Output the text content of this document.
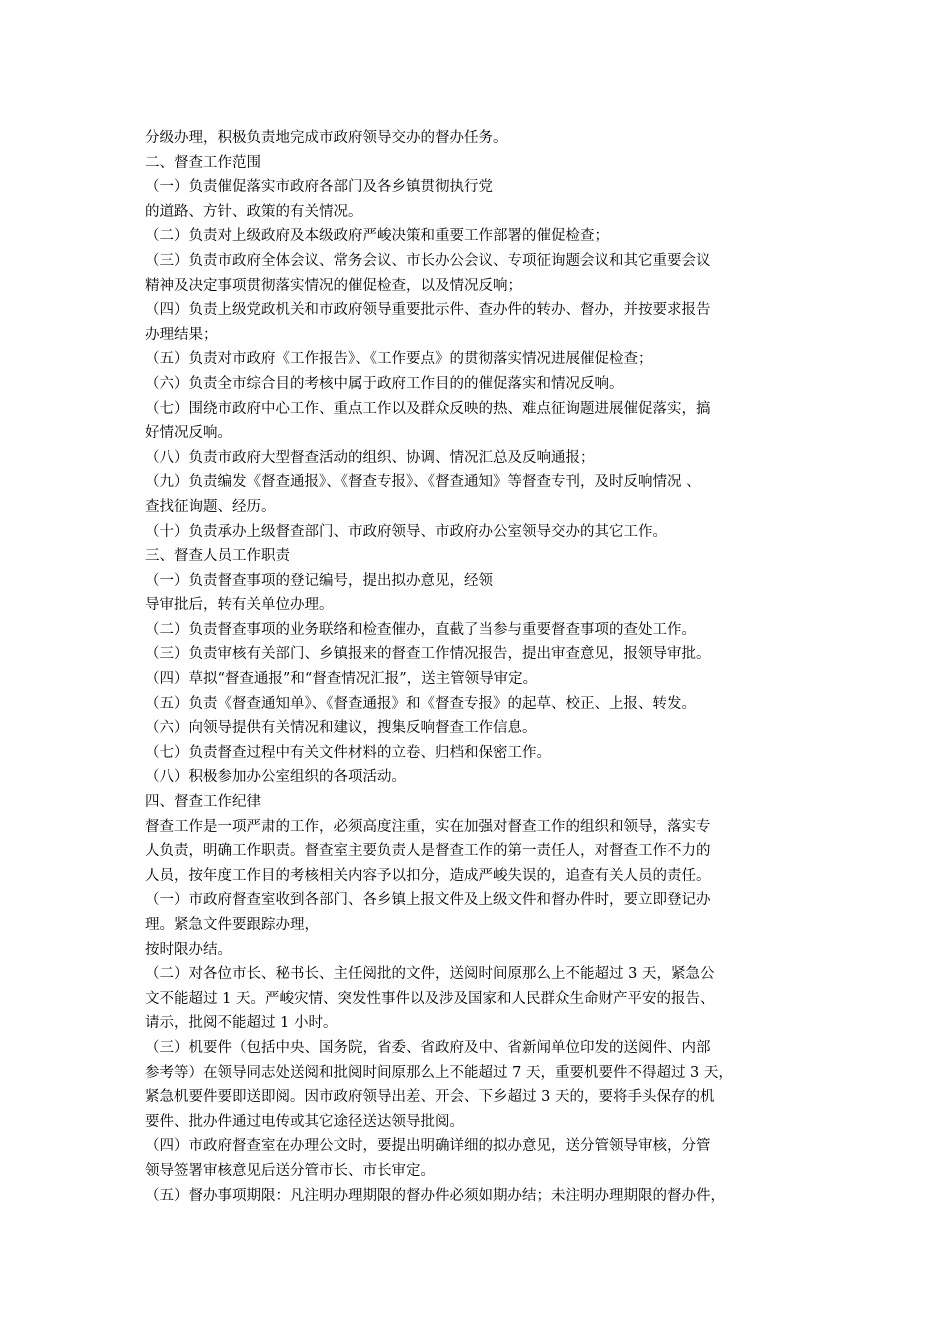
分级办理，积极负责地完成市政府领导交办的督办任务。
二、督查工作范围
（一）负责催促落实市政府各部门及各乡镇贯彻执行党
的道路、方针、政策的有关情况。
（二）负责对上级政府及本级政府严峻决策和重要工作部署的催促检查；
（三）负责市政府全体会议、常务会议、市长办公会议、专项征询题会议和其它重要会议
精神及决定事项贯彻落实情况的催促检查，以及情况反响；
（四）负责上级党政机关和市政府领导重要批示件、查办件的转办、督办，并按要求报告
办理结果；
（五）负责对市政府《工作报告》、《工作要点》的贯彻落实情况进展催促检查；
（六）负责全市综合目的考核中属于政府工作目的的催促落实和情况反响。
（七）围绕市政府中心工作、重点工作以及群众反映的热、难点征询题进展催促落实，搞
好情况反响。
（八）负责市政府大型督查活动的组织、协调、情况汇总及反响通报；
（九）负责编发《督查通报》、《督查专报》、《督查通知》等督查专刊，及时反响情况 、
查找征询题、经历。
（十）负责承办上级督查部门、市政府领导、市政府办公室领导交办的其它工作。
三、督查人员工作职责
（一）负责督查事项的登记编号，提出拟办意见，经领
导审批后，转有关单位办理。
（二）负责督查事项的业务联络和检查催办，直截了当参与重要督查事项的查处工作。
（三）负责审核有关部门、乡镇报来的督查工作情况报告，提出审查意见，报领导审批。
（四）草拟“督查通报”和“督查情况汇报”，送主管领导审定。
（五）负责《督查通知单》、《督查通报》和《督查专报》的起草、校正、上报、转发。
（六）向领导提供有关情况和建议，搜集反响督查工作信息。
（七）负责督查过程中有关文件材料的立卷、归档和保密工作。
（八）积极参加办公室组织的各项活动。
四、督查工作纪律
督查工作是一项严肃的工作，必须高度注重，实在加强对督查工作的组织和领导，落实专
人负责，明确工作职责。督查室主要负责人是督查工作的第一责任人，对督查工作不力的
人员，按年度工作目的考核相关内容予以扣分，造成严峻失误的，追查有关人员的责任。
（一）市政府督查室收到各部门、各乡镇上报文件及上级文件和督办件时，要立即登记办
理。紧急文件要跟踪办理，
按时限办结。
（二）对各位市长、秘书长、主任阅批的文件，送阅时间原那么上不能超过 3 天，紧急公
文不能超过 1 天。严峻灾情、突发性事件以及涉及国家和人民群众生命财产平安的报告、
请示，批阅不能超过 1 小时。
（三）机要件（包括中央、国务院，省委、省政府及中、省新闻单位印发的送阅件、内部
参考等）在领导同志处送阅和批阅时间原那么上不能超过 7 天，重要机要件不得超过 3 天，
紧急机要件要即送即阅。因市政府领导出差、开会、下乡超过 3 天的，要将手头保存的机
要件、批办件通过电传或其它途径送达领导批阅。
（四）市政府督查室在办理公文时，要提出明确详细的拟办意见，送分管领导审核，分管
领导签署审核意见后送分管市长、市长审定。
（五）督办事项期限：凡注明办理期限的督办件必须如期办结；未注明办理期限的督办件，
